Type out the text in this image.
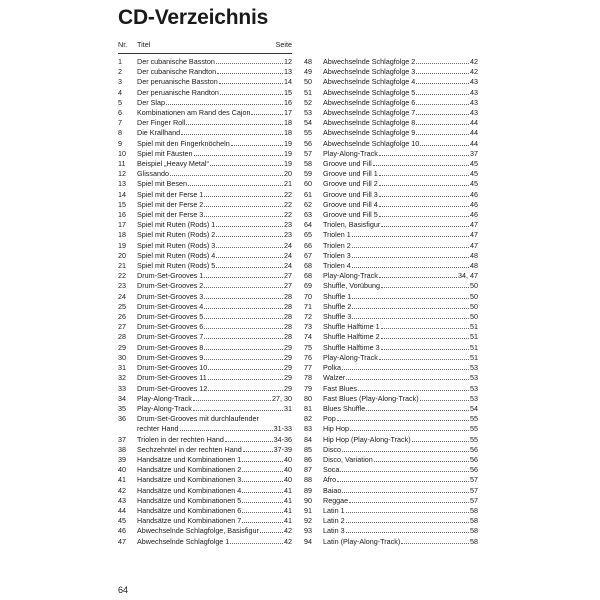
CD-Verzeichnis
Nr. Titel	Seite
1 Der cubanische Basston	12
2 Der cubanische Randton	13
3 Der peruanische Basston	14
4 Der peruanische Randton	15
5 Der Slap	16
6 Kombinationen am Rand des Cajon	17
7 Der Finger Roll	18
8 Die Krallhand	18
9 Spiel mit den Fingerknöcheln	19
10 Spiel mit Fäusten	19
11 Beispiel „Heavy Metal“	19
12 Glissando	20
13 Spiel mit Besen	21
14 Spiel mit der Ferse 1	22
15 Spiel mit der Ferse 2	22
16 Spiel mit der Ferse 3	22
17 Spiel mit Ruten (Rods) 1	23
18 Spiel mit Ruten (Rods) 2	23
19 Spiel mit Ruten (Rods) 3	24
20 Spiel mit Ruten (Rods) 4	24
21 Spiel mit Ruten (Rods) 5	24
22 Drum-Set-Grooves 1	27
23 Drum-Set-Grooves 2	27
24 Drum-Set-Grooves 3	28
25 Drum-Set-Grooves 4	28
26 Drum-Set-Grooves 5	28
27 Drum-Set-Grooves 6	28
28 Drum-Set-Grooves 7	28
29 Drum-Set-Grooves 8	29
30 Drum-Set-Grooves 9	29
31 Drum-Set-Grooves 10	29
32 Drum-Set-Grooves 11	29
33 Drum-Set-Grooves 12	29
34 Play-Along-Track	27, 30
35 Play-Along-Track	31
36 Drum-Set-Grooves mit durchlaufender
rechter Hand	31-33
37 Triolen in der rechten Hand	34-36
38 Sechzehntel in der rechten Hand	37-39
39 Handsätze und Kombinationen 1	40
40 Handsätze und Kombinationen 2	40
41 Handsätze und Kombinationen 3	40
42 Handsätze und Kombinationen 4	41
43 Handsätze und Kombinationen 5	41
44 Handsätze und Kombinationen 6	41
45 Handsätze und Kombinationen 7	41
46 Abwechselnde Schlagfolge, Basisfigur	42
47 Abwechselnde Schlagfolge 1	42
48 Abwechselnde Schlagfolge 2	42
49 Abwechselnde Schlagfolge 3	42
50 Abwechselnde Schlagfolge 4	43
51 Abwechselnde Schlagfolge 5	43
52 Abwechselnde Schlagfolge 6	43
53 Abwechselnde Schlagfolge 7	43
54 Abwechselnde Schlagfolge 8	44
55 Abwechselnde Schlagfolge 9	44
56 Abwechselnde Schlagfolge 10	44
57 Play-Along-Track	37
58 Groove und Fill	45
59 Groove und Fill 1	45
60 Groove und Fill 2	45
61 Groove und Fill 3	46
62 Groove und Fill 4	46
63 Groove und Fill 5	46
64 Triolen, Basisfigur	47
65 Triolen 1	47
66 Triolen 2	47
67 Triolen 3	48
68 Triolen 4	48
68 Play-Along-Track	34, 47
69 Shuffle, Vorübung	50
70 Shuffle 1	50
71 Shuffle 2	50
72 Shuffle 3	50
73 Shuffle Halftime 1	51
74 Shuffle Halftime 2	51
75 Shuffle Halftime 3	51
76 Play-Along-Track	51
77 Polka	53
78 Walzer	53
79 Fast Blues	53
80 Fast Blues (Play-Along-Track)	53
81 Blues Shuffle	54
82 Pop	55
83 Hip Hop	55
84 Hip Hop (Play-Along-Track)	55
85 Disco	56
86 Disco, Variation	56
87 Soca	56
88 Afro	57
89 Baiao	57
90 Reggae	57
91 Latin 1	58
92 Latin 2	58
93 Latin 3	58
94 Latin (Play-Along-Track)	58

64
